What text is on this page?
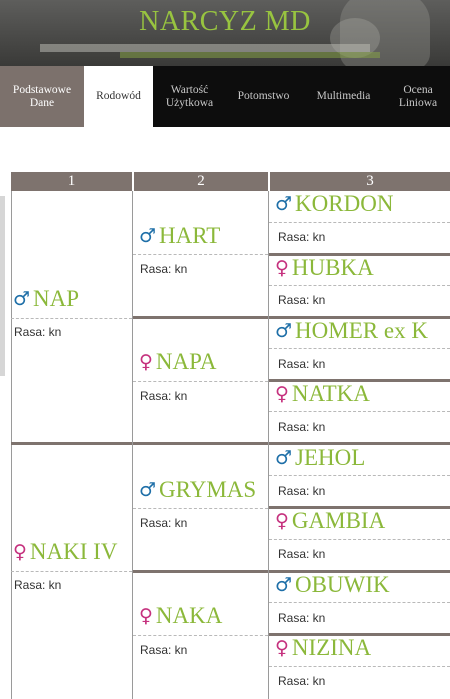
NARCYZ MD
Podstawowe Dane
Rodowód
Wartość Użytkowa
Potomstwo	Multimedia
Ocena Liniowa
1	2	3
♂ NAP
Rasa: kn
♀ NAKI IV
Rasa: kn
♂ HART
Rasa: kn
♀ NAPA
Rasa: kn
♂ GRYMAS
Rasa: kn
♀ NAKA
Rasa: kn
♂ KORDON
Rasa: kn
♀ HUBKA
Rasa: kn
♂ HOMER ex K
Rasa: kn
♀ NATKA
Rasa: kn
♂ JEHOL
Rasa: kn
♀ GAMBIA
Rasa: kn
♂ OBUWIK
Rasa: kn
♀ NIZINA
Rasa: kn
